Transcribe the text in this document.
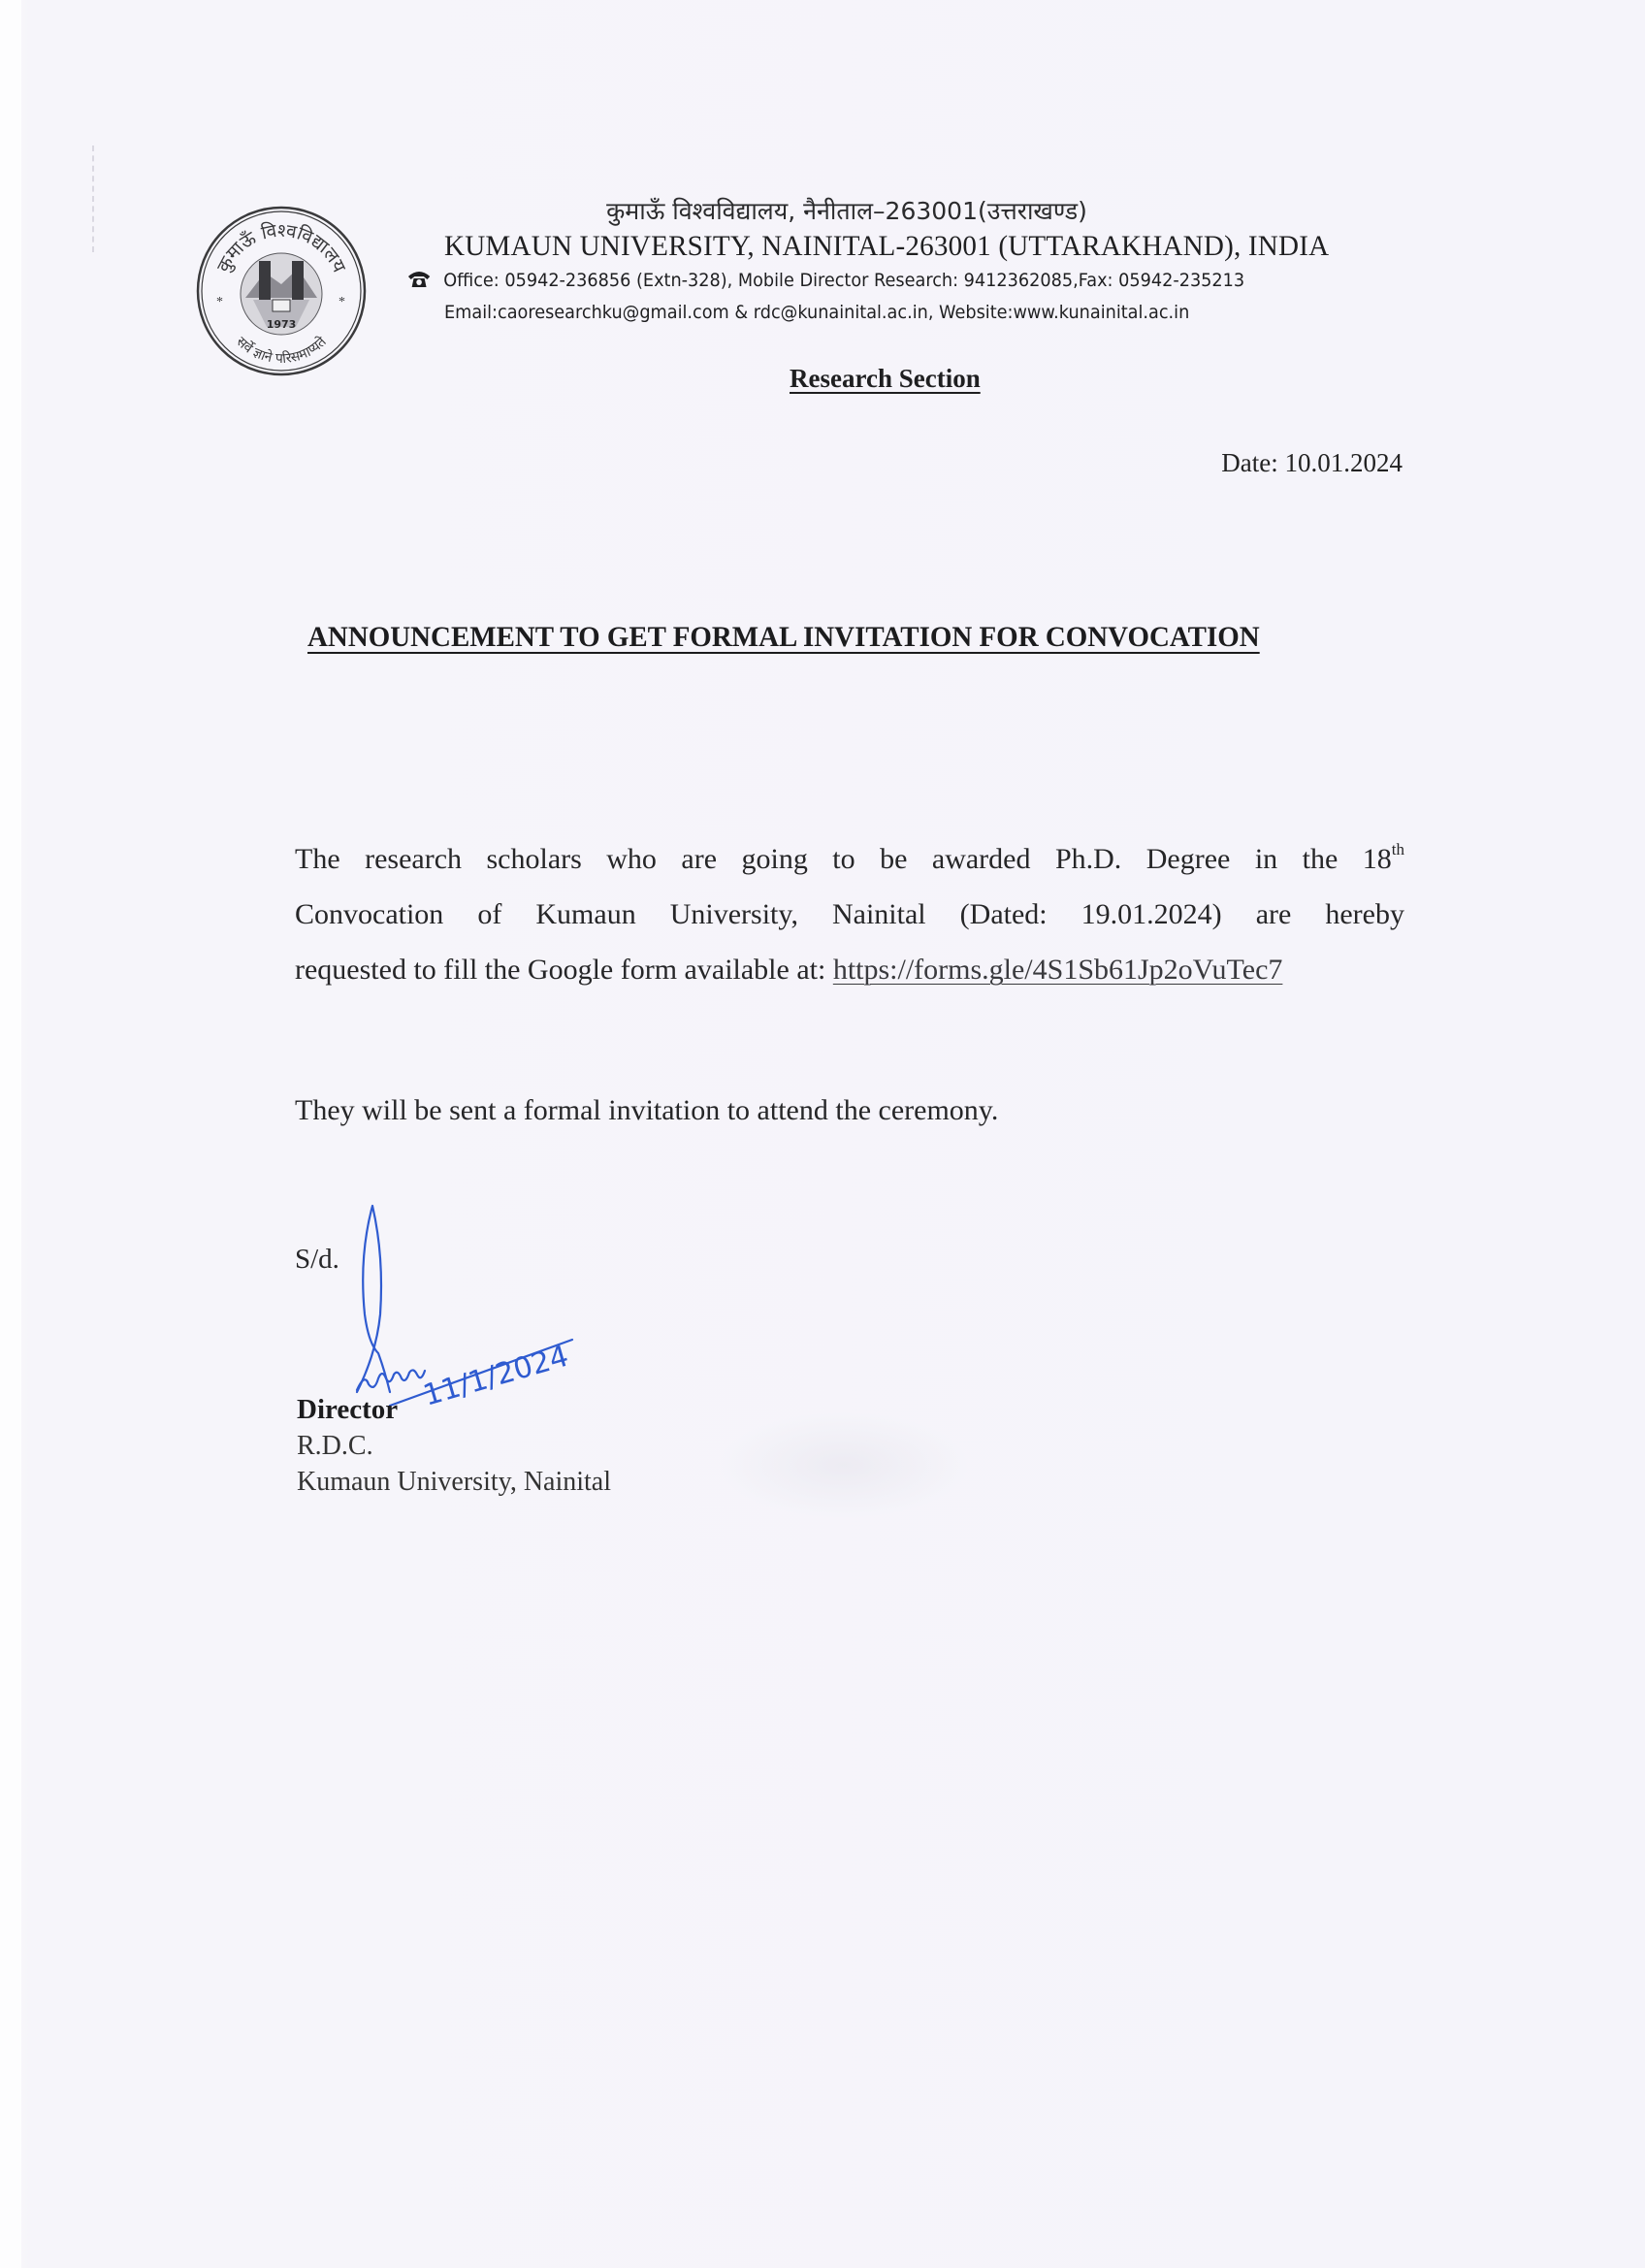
कुमाऊँ विश्वविद्यालय
सर्वे ज्ञाने परिसमाप्यते
*	*
1973
कुमाऊँ विश्वविद्यालय, नैनीताल–263001(उत्तराखण्ड)
KUMAUN UNIVERSITY, NAINITAL-263001 (UTTARAKHAND), INDIA
Office: 05942-236856 (Extn-328), Mobile Director Research: 9412362085,Fax: 05942-235213
Email:caoresearchku@gmail.com & rdc@kunainital.ac.in, Website:www.kunainital.ac.in
Research Section
Date: 10.01.2024
ANNOUNCEMENT TO GET FORMAL INVITATION FOR CONVOCATION
The research scholars who are going to be awarded Ph.D. Degree in the 18th
Convocation of Kumaun University, Nainital (Dated: 19.01.2024) are hereby
requested to fill the Google form available at: https://forms.gle/4S1Sb61Jp2oVuTec7
They will be sent a formal invitation to attend the ceremony.
S/d.
11/1/2024
Director
R.D.C.
Kumaun University, Nainital
